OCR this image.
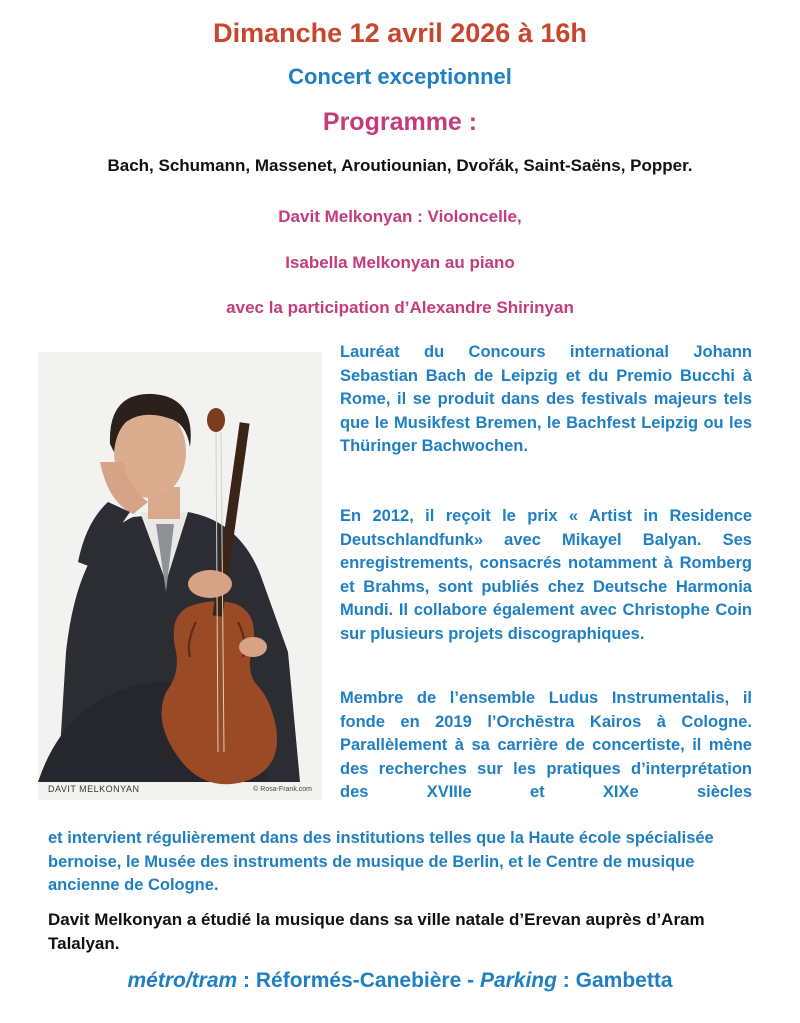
Dimanche 12 avril 2026 à 16h
Concert exceptionnel
Programme :
Bach, Schumann, Massenet, Aroutiounian, Dvořák, Saint-Saëns, Popper.
Davit Melkonyan : Violoncelle,
Isabella Melkonyan au piano
avec la participation d’Alexandre Shirinyan
DAVIT MELKONYAN	© Rosa-Frank.com

Lauréat du Concours international Johann Sebastian Bach de Leipzig et du Premio Bucchi à Rome, il se produit dans des festivals majeurs tels que le Musikfest Bremen, le Bachfest Leipzig ou les Thüringer Bachwochen.

En 2012, il reçoit le prix « Artist in Residence Deutschlandfunk» avec Mikayel Balyan. Ses enregistrements, consacrés notamment à Romberg et Brahms, sont publiés chez Deutsche Harmonia Mundi. Il collabore également avec Christophe Coin sur plusieurs projets discographiques.

Membre de l’ensemble Ludus Instrumentalis, il fonde en 2019 l’Orchēstra Kairos à Cologne. Parallèlement à sa carrière de concertiste, il mène des recherches sur les pratiques d’interprétation des XVIIIe et XIXe siècles

et intervient régulièrement dans des institutions telles que la Haute école spécialisée bernoise, le Musée des instruments de musique de Berlin, et le Centre de musique ancienne de Cologne.

Davit Melkonyan a étudié la musique dans sa ville natale d’Erevan auprès d’Aram Talalyan.

métro/tram : Réformés-Canebière - Parking : Gambetta
